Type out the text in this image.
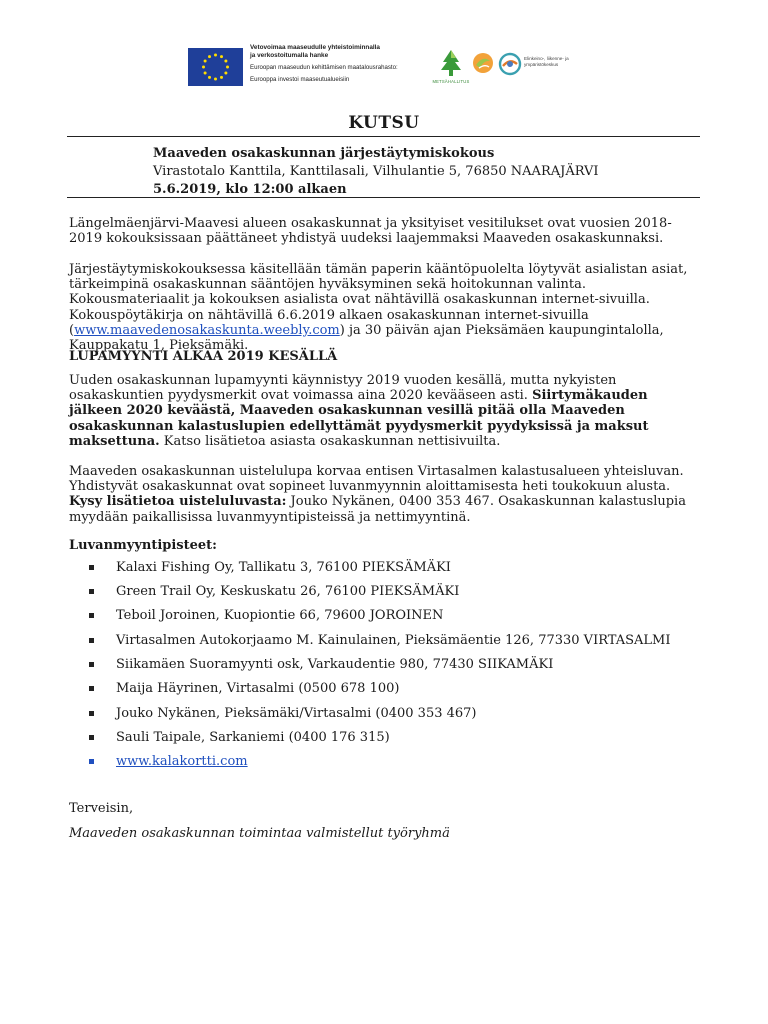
Vetovoimaa maaseudulle yhteistoiminnalla
ja verkostoitumalla hanke
Euroopan maaseudun kehittämisen maatalousrahasto:
Eurooppa investoi maaseutualueisiin	METSÄHALLITUS
Elinkeino-, liikenne- ja ympäristökeskus
KUTSU
Maaveden osakaskunnan järjestäytymiskokous
Virastotalo Kanttila, Kanttilasali, Vilhulantie 5, 76850 NAARAJÄRVI
5.6.2019, klo 12:00 alkaen

Längelmäenjärvi-Maavesi alueen osakaskunnat ja yksityiset vesitilukset ovat vuosien 2018-2019 kokouksissaan päättäneet yhdistyä uudeksi laajemmaksi Maaveden osakaskunnaksi.

Järjestäytymiskokouksessa käsitellään tämän paperin kääntöpuolelta löytyvät asialistan asiat, tärkeimpinä osakaskunnan sääntöjen hyväksyminen sekä hoitokunnan valinta. Kokousmateriaalit ja kokouksen asialista ovat nähtävillä osakaskunnan internet-sivuilla. Kokouspöytäkirja on nähtävillä 6.6.2019 alkaen osakaskunnan internet-sivuilla (www.maavedenosakaskunta.weebly.com) ja 30 päivän ajan Pieksämäen kaupungintalolla, Kauppakatu 1, Pieksämäki.

LUPAMYYNTI ALKAA 2019 KESÄLLÄ

Uuden osakaskunnan lupamyynti käynnistyy 2019 vuoden kesällä, mutta nykyisten osakaskuntien pyydysmerkit ovat voimassa aina 2020 kevääseen asti. Siirtymäkauden jälkeen 2020 keväästä, Maaveden osakaskunnan vesillä pitää olla Maaveden osakaskunnan kalastuslupien edellyttämät pyydysmerkit pyydyksissä ja maksut maksettuna. Katso lisätietoa asiasta osakaskunnan nettisivuilta.

Maaveden osakaskunnan uistelulupa korvaa entisen Virtasalmen kalastusalueen yhteisluvan. Yhdistyvät osakaskunnat ovat sopineet luvanmyynnin aloittamisesta heti toukokuun alusta. Kysy lisätietoa uisteluluvasta: Jouko Nykänen, 0400 353 467. Osakaskunnan kalastuslupia myydään paikallisissa luvanmyyntipisteissä ja nettimyyntinä.

Luvanmyyntipisteet:
Kalaxi Fishing Oy, Tallikatu 3, 76100 PIEKSÄMÄKI
Green Trail Oy, Keskuskatu 26, 76100 PIEKSÄMÄKI
Teboil Joroinen, Kuopiontie 66, 79600 JOROINEN
Virtasalmen Autokorjaamo M. Kainulainen, Pieksämäentie 126, 77330 VIRTASALMI
Siikamäen Suoramyynti osk, Varkaudentie 980, 77430 SIIKAMÄKI
Maija Häyrinen, Virtasalmi (0500 678 100)
Jouko Nykänen, Pieksämäki/Virtasalmi (0400 353 467)
Sauli Taipale, Sarkaniemi (0400 176 315)
www.kalakortti.com
Terveisin,
Maaveden osakaskunnan toimintaa valmistellut työryhmä
